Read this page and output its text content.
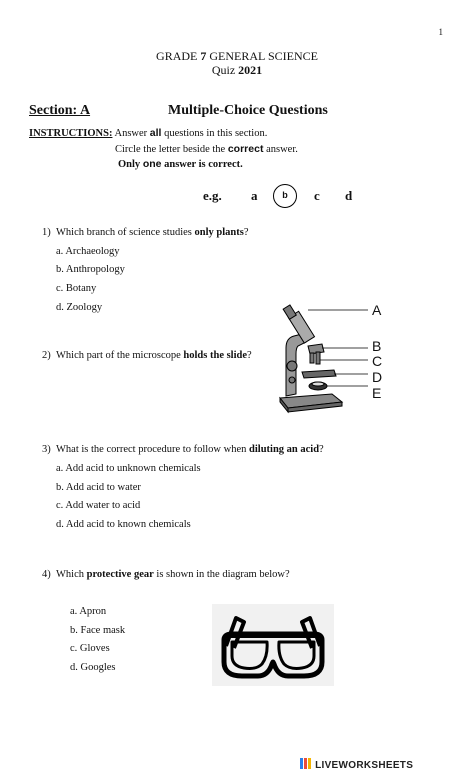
1
GRADE 7 GENERAL SCIENCE
Quiz 2021
Section: A	Multiple-Choice Questions
INSTRUCTIONS: Answer all questions in this section.
Circle the letter beside the correct answer.
Only one answer is correct.
e.g. a	b	c d
1) Which branch of science studies only plants?
a. Archaeology
b. Anthropology
c. Botany
d. Zoology
2) Which part of the microscope holds the slide?
A
B
C
D
E
3) What is the correct procedure to follow when diluting an acid?
a. Add acid to unknown chemicals
b. Add acid to water
c. Add water to acid
d. Add acid to known chemicals
4) Which protective gear is shown in the diagram below?
a. Apron
b. Face mask
c. Gloves
d. Googles
LIVEWORKSHEETS
